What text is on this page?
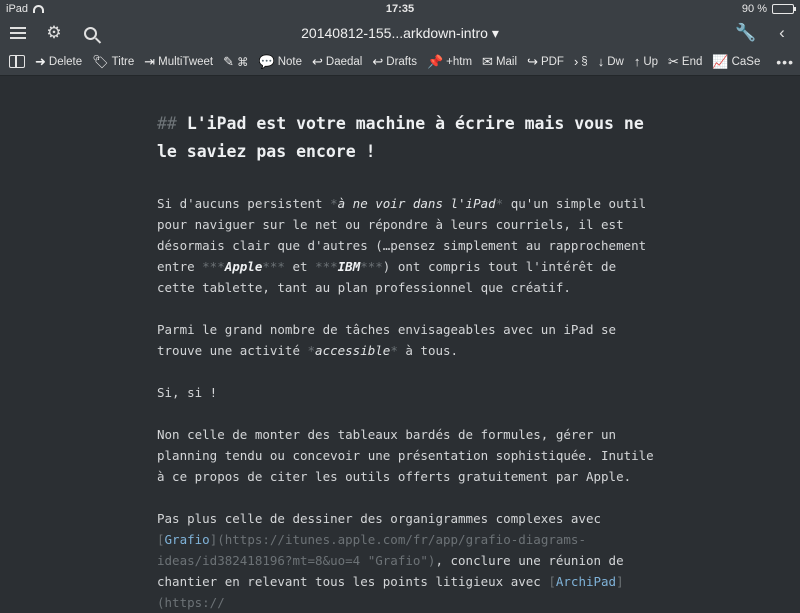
iPad	17:35	90 %
⚙	20140812-155...arkdown-intro ▾	🔧 ‹
➜ Delete 🏷 Titre ⇥ MultiTweet ✎ ⌘ 💬 Note ↩ Daedal ↩ Drafts 📌 +htm ✉ Mail ↪ PDF › § ↓ Dw ↑ Up ✂ End 📈 CaSe •••
## L'iPad est votre machine à écrire mais vous ne le saviez pas encore !
Si d'aucuns persistent *à ne voir dans l'iPad* qu'un simple outil pour naviguer sur le net ou répondre à leurs courriels, il est désormais clair que d'autres (…pensez simplement au rapprochement entre ***Apple*** et ***IBM***) ont compris tout l'intérêt de cette tablette, tant au plan professionnel que créatif.
Parmi le grand nombre de tâches envisageables avec un iPad se trouve une activité *accessible* à tous.
Si, si !
Non celle de monter des tableaux bardés de formules, gérer un planning tendu ou concevoir une présentation sophistiquée. Inutile à ce propos de citer les outils offerts gratuitement par Apple.
Pas plus celle de dessiner des organigrammes complexes avec [Grafio](https://itunes.apple.com/fr/app/grafio-diagrams-ideas/id382418196?mt=8&uo=4 "Grafio"), conclure une réunion de chantier en relevant tous les points litigieux avec [ArchiPad](https://
